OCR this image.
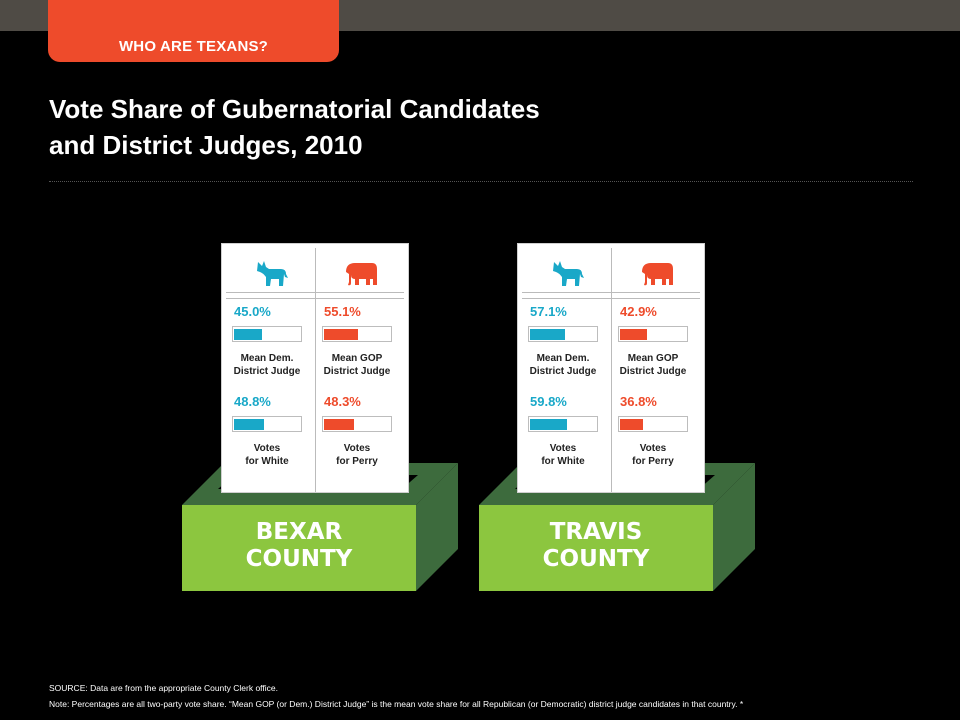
WHO ARE TEXANS?
Vote Share of Gubernatorial Candidates
and District Judges, 2010
45.0%
Mean Dem.
District Judge
55.1%
Mean GOP
District Judge
48.8%
Votes
for White
48.3%
Votes
for Perry
BEXAR
COUNTY
57.1%
Mean Dem.
District Judge
42.9%
Mean GOP
District Judge
59.8%
Votes
for White
36.8%
Votes
for Perry
TRAVIS
COUNTY
SOURCE: Data are from the appropriate County Clerk office.
Note: Percentages are all two-party vote share. “Mean GOP (or Dem.) District Judge” is the mean vote share for all Republican (or Democratic) district judge candidates in that country. *
